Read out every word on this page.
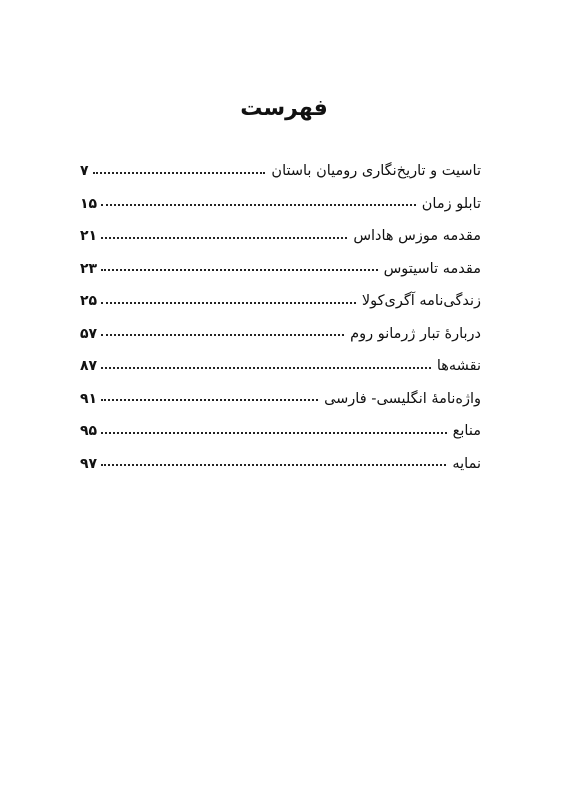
فهرست
تاسیت و تاریخ‌نگاری رومیان باستان
۷
تابلو زمان
۱۵
مقدمه موزس هاداس
۲۱
مقدمه تاسیتوس
۲۳
زندگی‌نامه آگری‌کولا
۲۵
دربارهٔ تبار ژرمانو روم
۵۷
نقشه‌ها
۸۷
واژه‌نامهٔ انگلیسی- فارسی
۹۱
منابع
۹۵
نمایه
۹۷
